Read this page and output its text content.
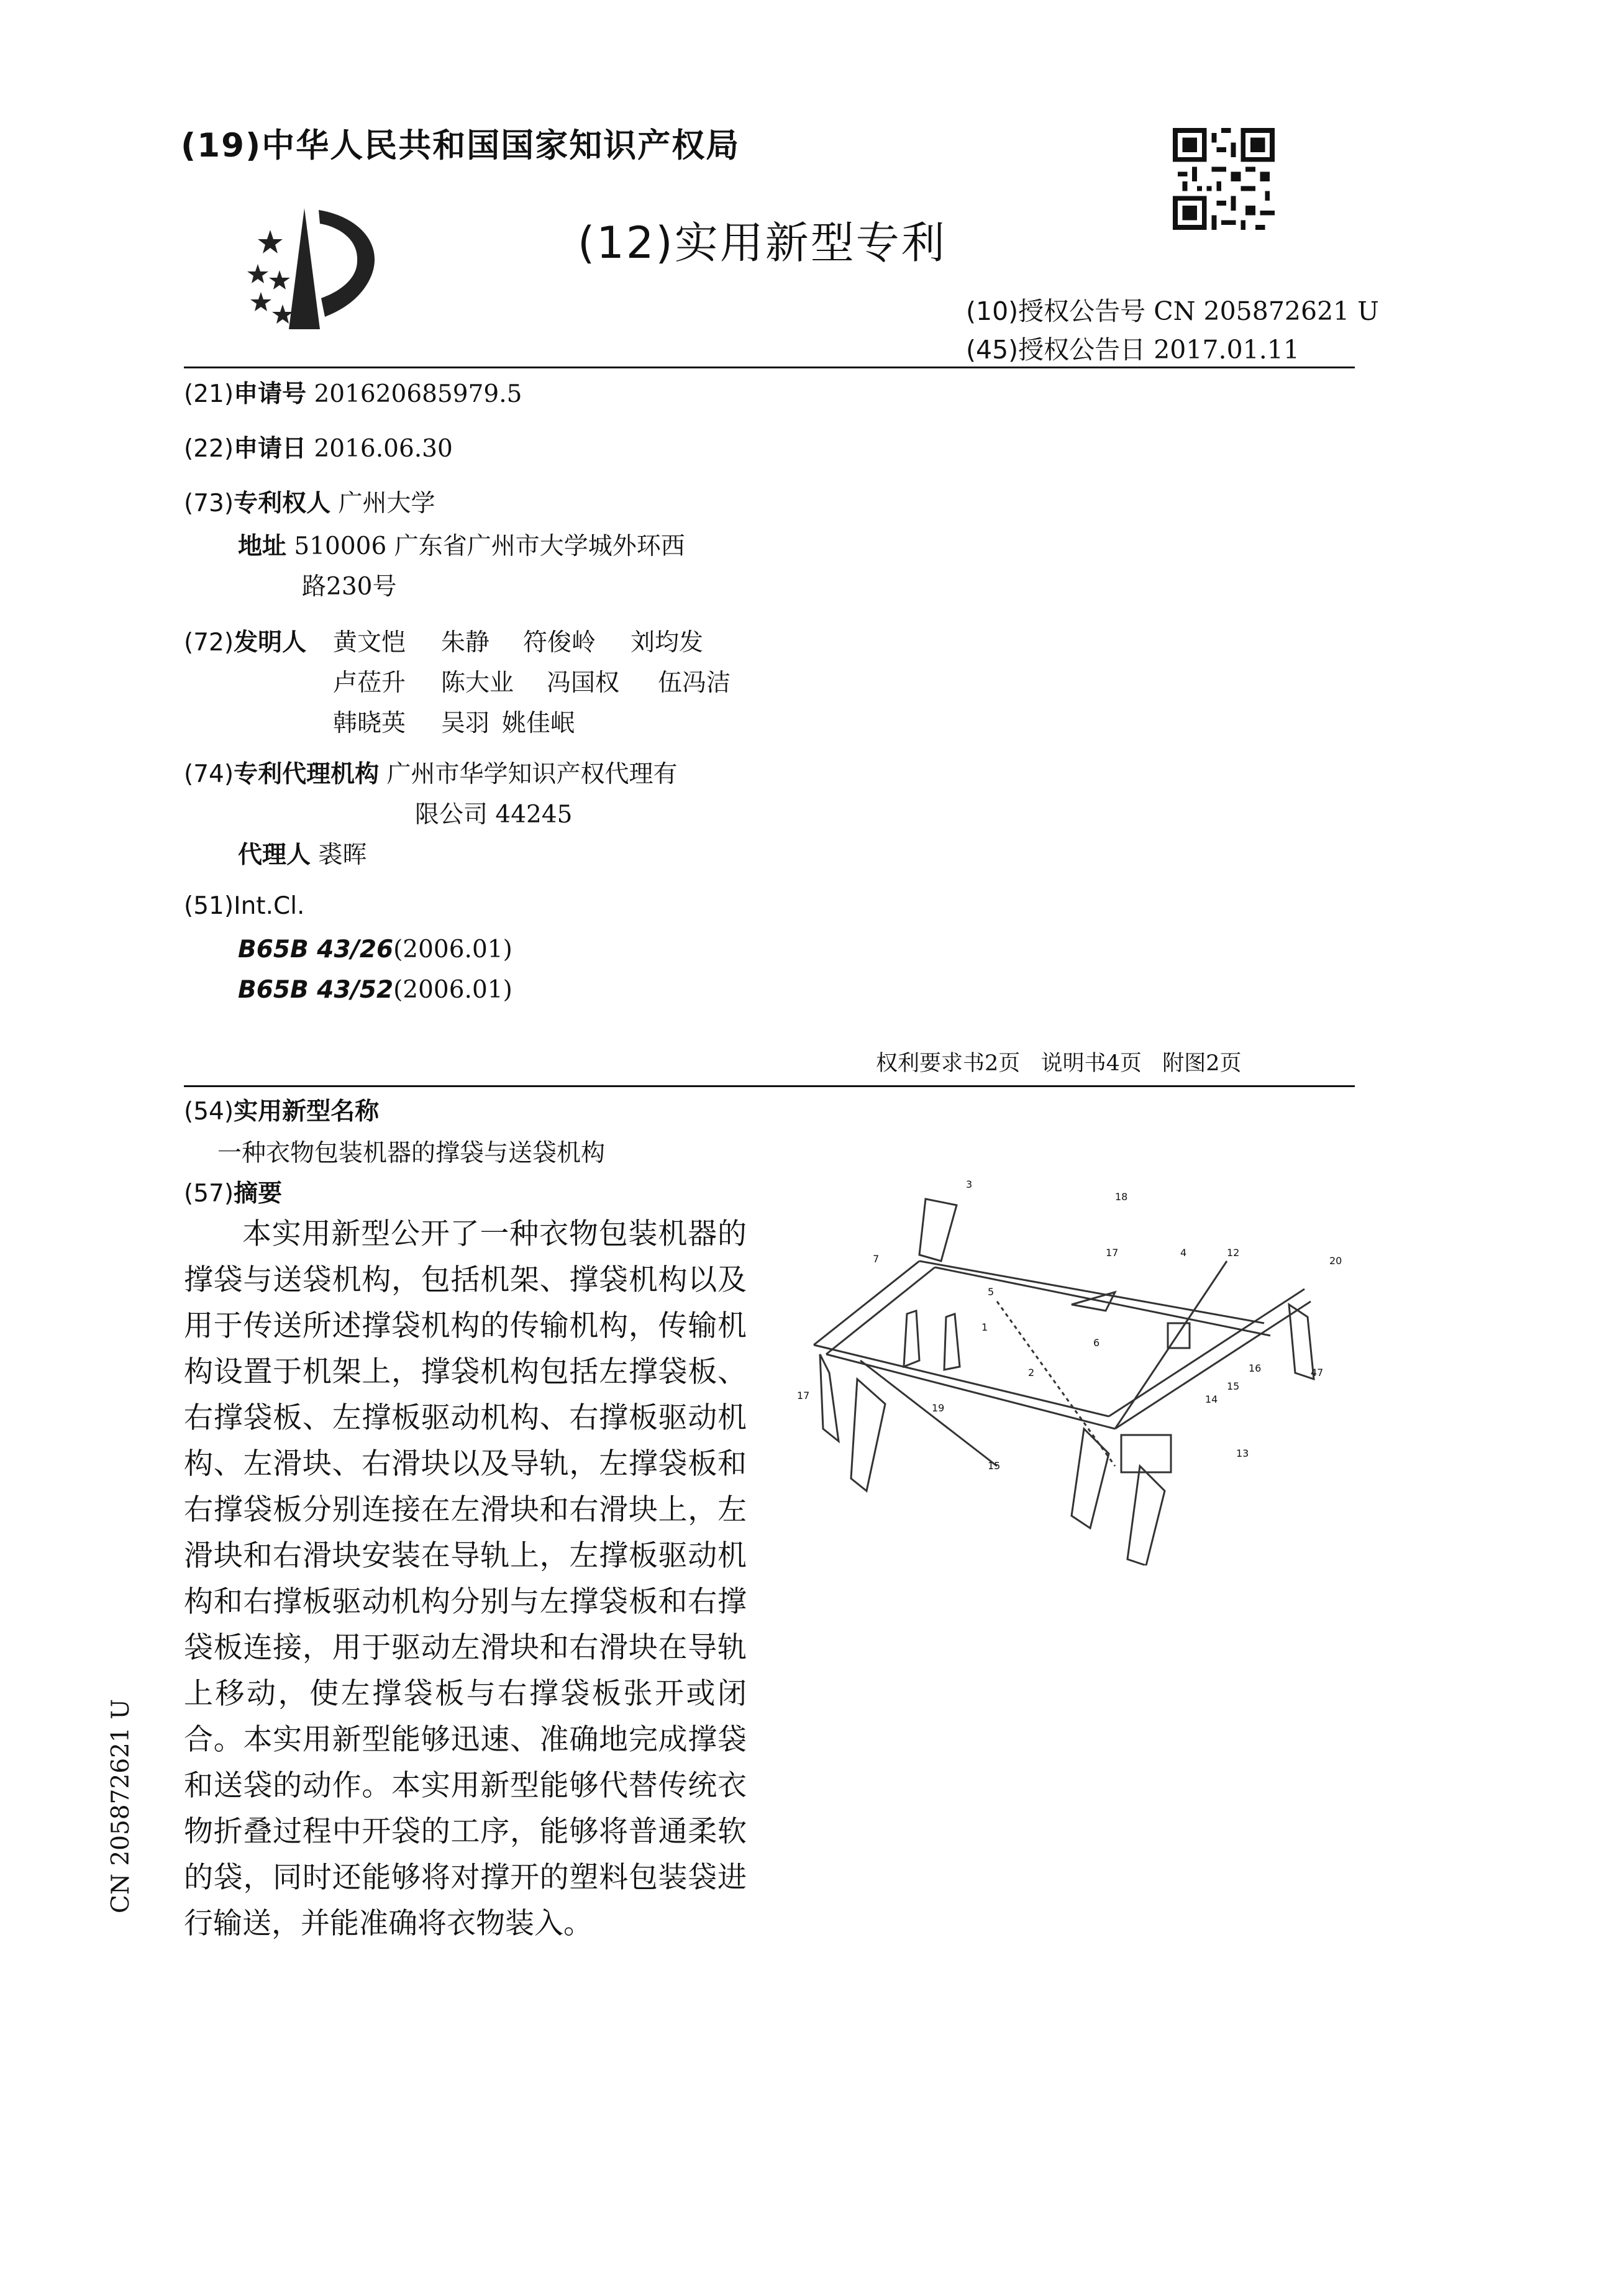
(19)中华人民共和国国家知识产权局
(12)实用新型专利
(10)授权公告号 CN 205872621 U
(45)授权公告日 2017.01.11
(21)申请号 201620685979.5
(22)申请日 2016.06.30
(73)专利权人 广州大学
地址 510006 广东省广州市大学城外环西
路230号
(72)发明人 黄文恺 朱静 符俊岭 刘均发
卢莅升 陈大业 冯国权 伍冯洁
韩晓英 吴羽 姚佳岷
(74)专利代理机构 广州市华学知识产权代理有
限公司 44245
代理人 裘晖
(51)Int.Cl.
B65B 43/26(2006.01)
B65B 43/52(2006.01)
权利要求书2页   说明书4页   附图2页
(54)实用新型名称
一种衣物包装机器的撑袋与送袋机构
(57)摘要
本实用新型公开了一种衣物包装机器的撑袋与送袋机构，包括机架、撑袋机构以及用于传送所述撑袋机构的传输机构，传输机构设置于机架上，撑袋机构包括左撑袋板、右撑袋板、左撑板驱动机构、右撑板驱动机构、左滑块、右滑块以及导轨，左撑袋板和右撑袋板分别连接在左滑块和右滑块上，左滑块和右滑块安装在导轨上，左撑板驱动机构和右撑板驱动机构分别与左撑袋板和右撑袋板连接，用于驱动左滑块和右滑块在导轨上移动，使左撑袋板与右撑袋板张开或闭合。本实用新型能够迅速、准确地完成撑袋和送袋的动作。本实用新型能够代替传统衣物折叠过程中开袋的工序，能够将普通柔软的袋，同时还能够将对撑开的塑料包装袋进行输送，并能准确将衣物装入。
3
18
7
17	4	12
20
5
1
6
2	16	47
15
19
14
17
13
15
CN 205872621 U
